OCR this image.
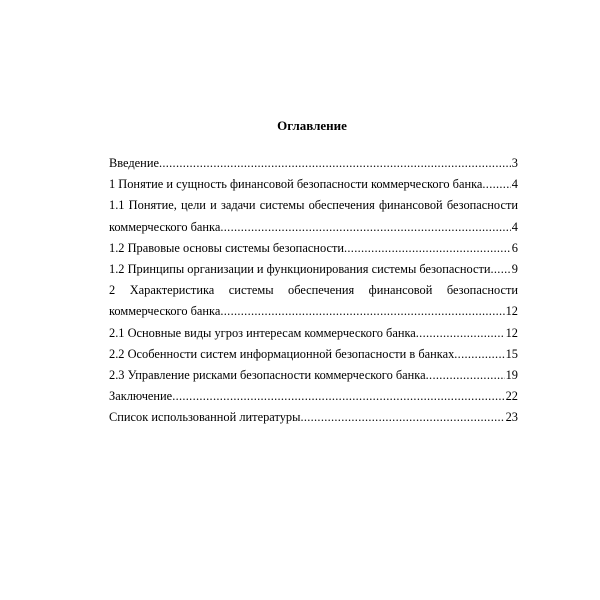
Оглавление
Введение .....	3
1 Понятие и сущность финансовой безопасности коммерческого банка ..... 4
1.1 Понятие, цели и задачи системы обеспечения финансовой безопасности
коммерческого банка .....	4
1.2 Правовые основы системы безопасности .....	6
1.2 Принципы организации и функционирования системы безопасности ..... 9
2 Характеристика системы обеспечения финансовой безопасности
коммерческого банка .....	12
2.1 Основные виды угроз интересам коммерческого банка .....	12
2.2 Особенности систем информационной безопасности в банках .....	15
2.3 Управление рисками безопасности коммерческого банка .....	19
Заключение .....	22
Список использованной литературы .....	23
